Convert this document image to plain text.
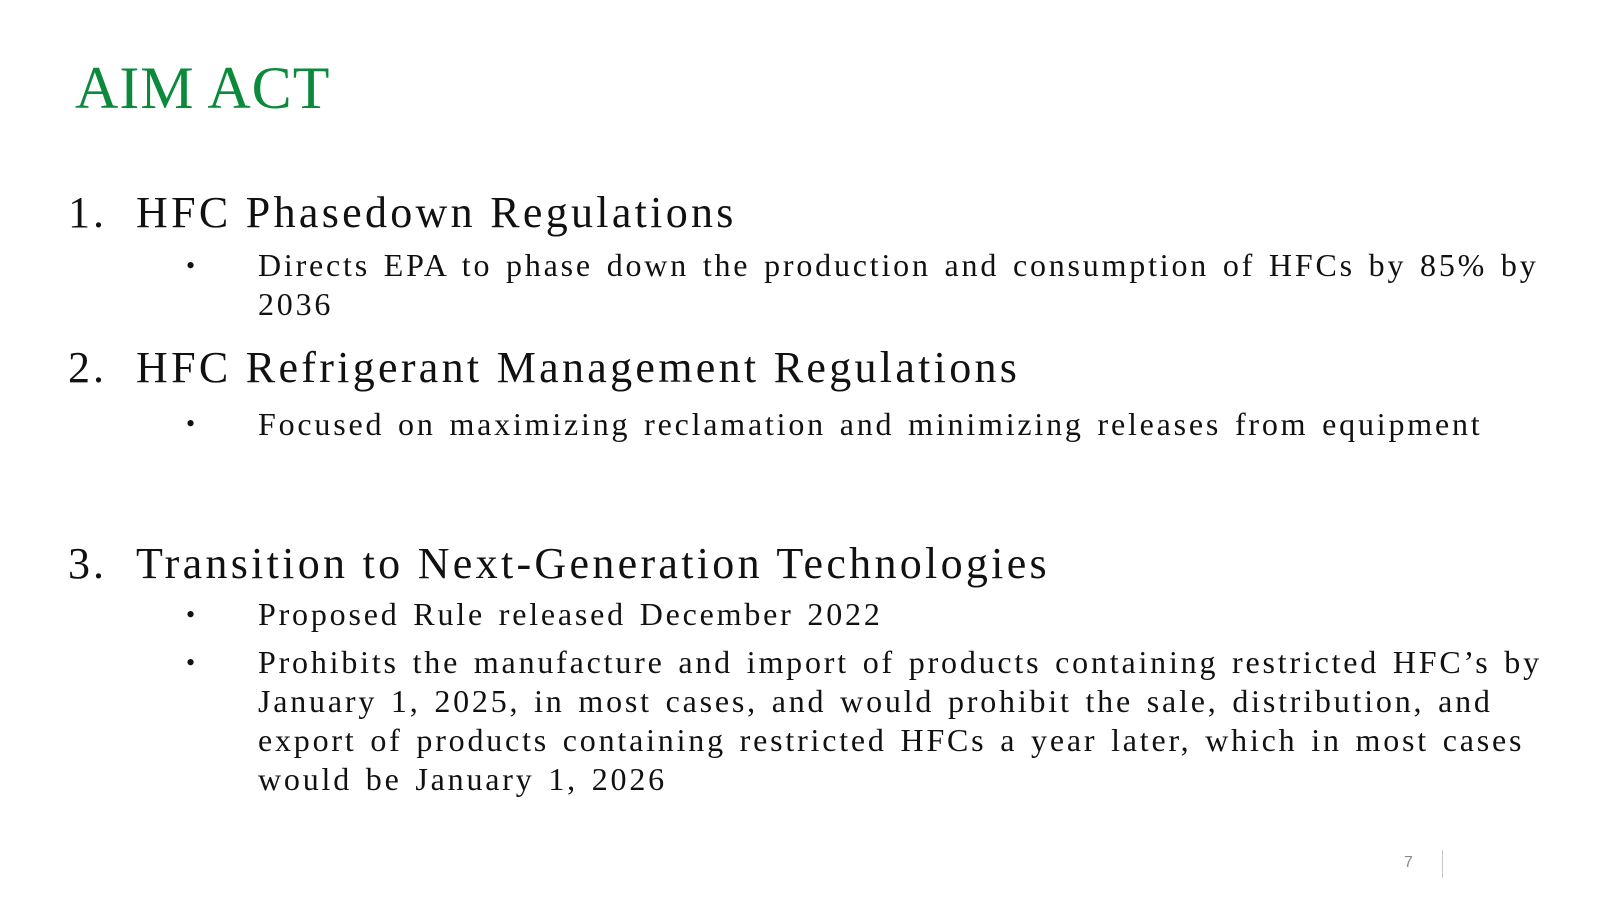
AIM ACT
1. HFC Phasedown Regulations
• Directs EPA to phase down the production and consumption of HFCs by 85% by 2036
2. HFC Refrigerant Management Regulations
• Focused on maximizing reclamation and minimizing releases from equipment
3. Transition to Next-Generation Technologies
• Proposed Rule released December 2022
• Prohibits the manufacture and import of products containing restricted HFC’s by January 1, 2025, in most cases, and would prohibit the sale, distribution, and export of products containing restricted HFCs a year later, which in most cases would be January 1, 2026
7
